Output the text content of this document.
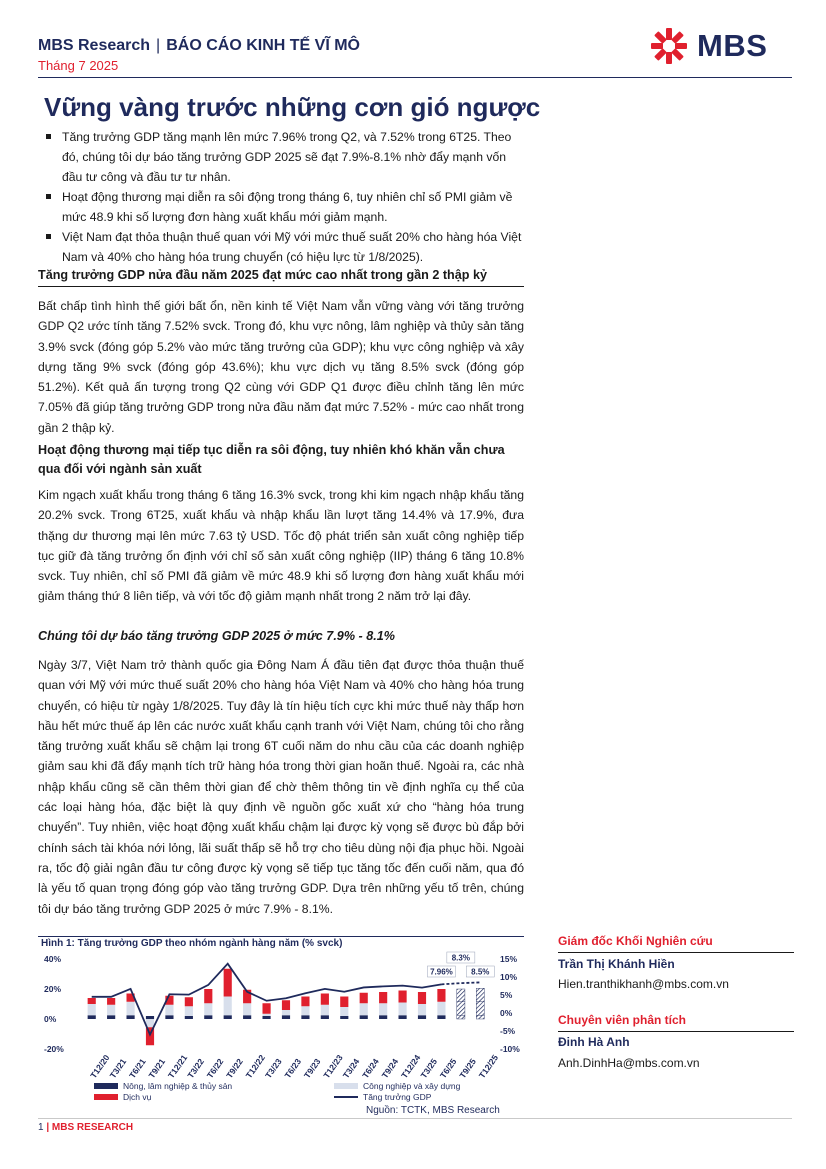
MBS Research | BÁO CÁO KINH TẾ VĨ MÔ
Tháng 7 2025
MBS
Vững vàng trước những cơn gió ngược
Tăng trưởng GDP tăng mạnh lên mức 7.96% trong Q2, và 7.52% trong 6T25. Theo đó, chúng tôi dự báo tăng trưởng GDP 2025 sẽ đạt 7.9%-8.1% nhờ đẩy mạnh vốn đầu tư công và đầu tư tư nhân.
Hoạt động thương mại diễn ra sôi động trong tháng 6, tuy nhiên chỉ số PMI giảm về mức 48.9 khi số lượng đơn hàng xuất khẩu mới giảm mạnh.
Việt Nam đạt thỏa thuận thuế quan với Mỹ với mức thuế suất 20% cho hàng hóa Việt Nam và 40% cho hàng hóa trung chuyển (có hiệu lực từ 1/8/2025).
Tăng trưởng GDP nửa đầu năm 2025 đạt mức cao nhất trong gần 2 thập kỷ
Bất chấp tình hình thế giới bất ổn, nền kinh tế Việt Nam vẫn vững vàng với tăng trưởng GDP Q2 ước tính tăng 7.52% svck. Trong đó, khu vực nông, lâm nghiệp và thủy sản tăng 3.9% svck (đóng góp 5.2% vào mức tăng trưởng của GDP); khu vực công nghiệp và xây dựng tăng 9% svck (đóng góp 43.6%); khu vực dịch vụ tăng 8.5% svck (đóng góp 51.2%). Kết quả ấn tượng trong Q2 cùng với GDP Q1 được điều chỉnh tăng lên mức 7.05% đã giúp tăng trưởng GDP trong nửa đầu năm đạt mức 7.52% - mức cao nhất trong gần 2 thập kỷ.
Hoạt động thương mại tiếp tục diễn ra sôi động, tuy nhiên khó khăn vẫn chưa qua đối với ngành sản xuất
Kim ngạch xuất khẩu trong tháng 6 tăng 16.3% svck, trong khi kim ngạch nhập khẩu tăng 20.2% svck. Trong 6T25, xuất khẩu và nhập khẩu lần lượt tăng 14.4% và 17.9%, đưa thặng dư thương mại lên mức 7.63 tỷ USD. Tốc độ phát triển sản xuất công nghiệp tiếp tục giữ đà tăng trưởng ổn định với chỉ số sản xuất công nghiệp (IIP) tháng 6 tăng 10.8% svck. Tuy nhiên, chỉ số PMI đã giảm về mức 48.9 khi số lượng đơn hàng xuất khẩu mới giảm tháng thứ 8 liên tiếp, và với tốc độ giảm mạnh nhất trong 2 năm trở lại đây.
Chúng tôi dự báo tăng trưởng GDP 2025 ở mức 7.9% - 8.1%
Ngày 3/7, Việt Nam trở thành quốc gia Đông Nam Á đầu tiên đạt được thỏa thuận thuế quan với Mỹ với mức thuế suất 20% cho hàng hóa Việt Nam và 40% cho hàng hóa trung chuyển, có hiệu từ ngày 1/8/2025. Tuy đây là tín hiệu tích cực khi mức thuế này thấp hơn hầu hết mức thuế áp lên các nước xuất khẩu cạnh tranh với Việt Nam, chúng tôi cho rằng tăng trưởng xuất khẩu sẽ chậm lại trong 6T cuối năm do nhu cầu của các doanh nghiệp giảm sau khi đã đẩy mạnh tích trữ hàng hóa trong thời gian hoãn thuế. Ngoài ra, các nhà nhập khẩu cũng sẽ cần thêm thời gian để chờ thêm thông tin về định nghĩa cụ thể của các loại hàng hóa, đặc biệt là quy định về nguồn gốc xuất xứ cho “hàng hóa trung chuyển”. Tuy nhiên, việc hoạt động xuất khẩu chậm lại được kỳ vọng sẽ được bù đắp bởi chính sách tài khóa nới lỏng, lãi suất thấp sẽ hỗ trợ cho tiêu dùng nội địa phục hồi. Ngoài ra, tốc độ giải ngân đầu tư công được kỳ vọng sẽ tiếp tục tăng tốc đến cuối năm, qua đó là yếu tố quan trọng đóng góp vào tăng trưởng GDP. Dựa trên những yếu tố trên, chúng tôi dự báo tăng trưởng GDP 2025 ở mức 7.9% - 8.1%.
Hình 1: Tăng trưởng GDP theo nhóm ngành hàng năm (% svck)
40%
20%
0%
-20%
15%
10%
5%
0%
-5%
-10%
7.96%
8.3%
8.5%
T12/20
T3/21
T6/21
T9/21
T12/21
T3/22
T6/22
T9/22
T12/22
T3/23
T6/23
T9/23
T12/23
T3/24
T6/24
T9/24
T12/24
T3/25
T6/25
T9/25
T12/25
Nông, lâm nghiệp & thủy sản
Dịch vụ
Công nghiệp và xây dựng
Tăng trưởng GDP
Nguồn: TCTK, MBS Research
Giám đốc Khối Nghiên cứu
Trần Thị Khánh Hiền
Hien.tranthikhanh@mbs.com.vn
Chuyên viên phân tích
Đinh Hà Anh
Anh.DinhHa@mbs.com.vn
1 | MBS RESEARCH
